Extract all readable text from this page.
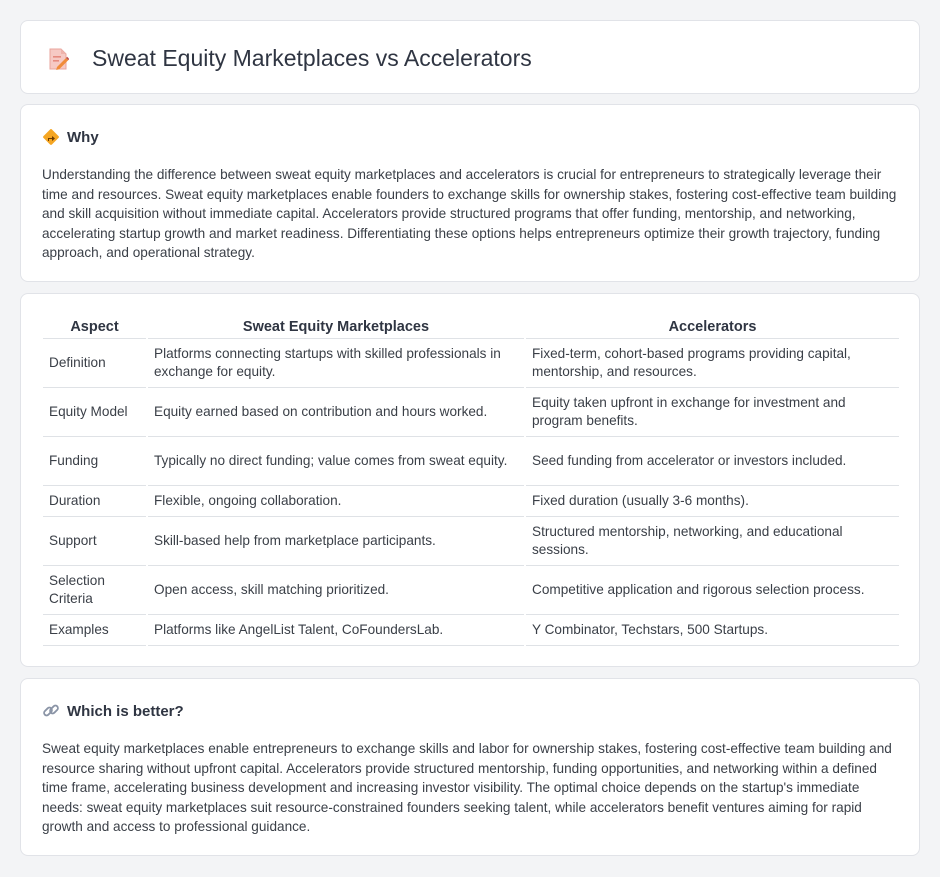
Sweat Equity Marketplaces vs Accelerators
Why

Understanding the difference between sweat equity marketplaces and accelerators is crucial for entrepreneurs to strategically leverage their time and resources. Sweat equity marketplaces enable founders to exchange skills for ownership stakes, fostering cost-effective team building and skill acquisition without immediate capital. Accelerators provide structured programs that offer funding, mentorship, and networking, accelerating startup growth and market readiness. Differentiating these options helps entrepreneurs optimize their growth trajectory, funding approach, and operational strategy.

Aspect	Sweat Equity Marketplaces	Accelerators
Definition	Platforms connecting startups with skilled professionals in exchange for equity.	Fixed-term, cohort-based programs providing capital, mentorship, and resources.
Equity Model	Equity earned based on contribution and hours worked.	Equity taken upfront in exchange for investment and program benefits.
Funding	Typically no direct funding; value comes from sweat equity.	Seed funding from accelerator or investors included.
Duration	Flexible, ongoing collaboration.	Fixed duration (usually 3-6 months).
Support	Skill-based help from marketplace participants.	Structured mentorship, networking, and educational sessions.
Selection Criteria	Open access, skill matching prioritized.	Competitive application and rigorous selection process.
Examples	Platforms like AngelList Talent, CoFoundersLab.	Y Combinator, Techstars, 500 Startups.
Which is better?

Sweat equity marketplaces enable entrepreneurs to exchange skills and labor for ownership stakes, fostering cost-effective team building and resource sharing without upfront capital. Accelerators provide structured mentorship, funding opportunities, and networking within a defined time frame, accelerating business development and increasing investor visibility. The optimal choice depends on the startup's immediate needs: sweat equity marketplaces suit resource-constrained founders seeking talent, while accelerators benefit ventures aiming for rapid growth and access to professional guidance.
